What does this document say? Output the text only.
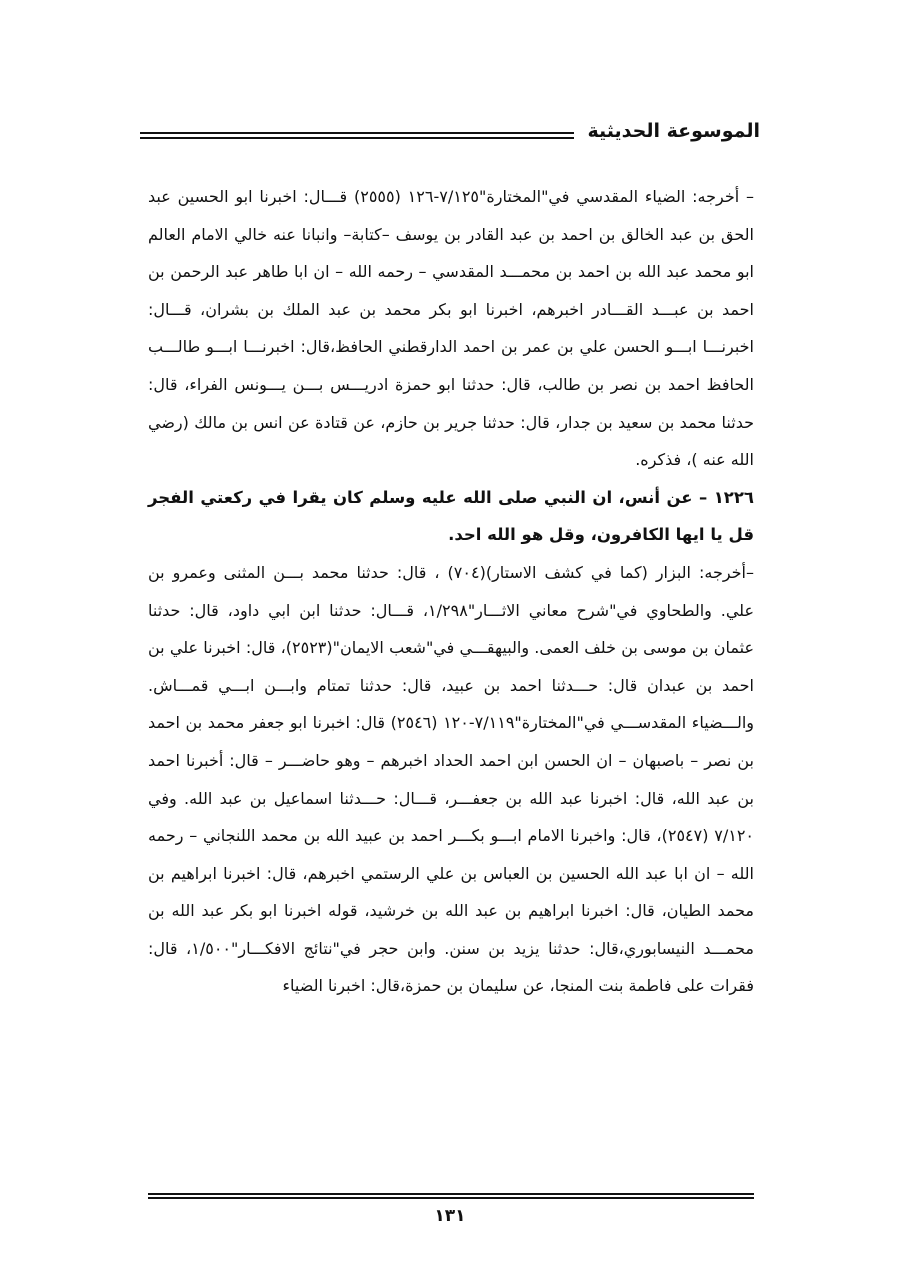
الموسوعة الحديثية

– أخرجه: الضياء المقدسي في"المختارة"٧/١٢٥-١٢٦ (٢٥٥٥) قـــال: اخبرنا ابو الحسين عبد الحق بن عبد الخالق بن احمد بن عبد القادر بن يوسف –كتابة– وانبانا عنه خالي الامام العالم ابو محمد عبد الله بن احمد بن محمـــد المقدسي – رحمه الله – ان ابا طاهر عبد الرحمن بن احمد بن عبـــد القـــادر اخبرهم، اخبرنا ابو بكر محمد بن عبد الملك بن بشران، قـــال: اخبرنـــا ابـــو الحسن علي بن عمر بن احمد الدارقطني الحافظ،قال: اخبرنـــا ابـــو طالـــب الحافظ احمد بن نصر بن طالب، قال: حدثنا ابو حمزة ادريـــس بـــن يـــونس الفراء، قال: حدثنا محمد بن سعيد بن جدار، قال: حدثنا جرير بن حازم، عن قتادة عن انس بن مالك (رضي الله عنه )، فذكره.

١٢٢٦ – عن أنس، ان النبي صلى الله عليه وسلم كان يقرا في ركعتي الفجر قل يا ايها الكافرون، وقل هو الله احد.

–أخرجه: البزار (كما في كشف الاستار)(٧٠٤) ، قال: حدثنا محمد بـــن المثنى وعمرو بن علي. والطحاوي في"شرح معاني الاثـــار"١/٢٩٨، قـــال: حدثنا ابن ابي داود، قال: حدثنا عثمان بن موسى بن خلف العمى. والبيهقـــي في"شعب الايمان"(٢٥٢٣)، قال: اخبرنا علي بن احمد بن عبدان قال: حـــدثنا احمد بن عبيد، قال: حدثنا تمتام وابـــن ابـــي قمـــاش. والـــضياء المقدســـي في"المختارة"٧/١١٩-١٢٠ (٢٥٤٦) قال: اخبرنا ابو جعفر محمد بن احمد بن نصر – باصبهان – ان الحسن ابن احمد الحداد اخبرهم – وهو حاضـــر – قال: أخبرنا احمد بن عبد الله، قال: اخبرنا عبد الله بن جعفـــر، قـــال: حـــدثنا اسماعيل بن عبد الله. وفي ٧/١٢٠ (٢٥٤٧)، قال: واخبرنا الامام ابـــو بكـــر احمد بن عبيد الله بن محمد اللنجاني – رحمه الله – ان ابا عبد الله الحسين بن العباس بن علي الرستمي اخبرهم، قال: اخبرنا ابراهيم بن محمد الطيان، قال: اخبرنا ابراهيم بن عبد الله بن خرشيد، قوله اخبرنا ابو بكر عبد الله بن محمـــد النيسابوري،قال: حدثنا يزيد بن سنن. وابن حجر في"نتائج الافكـــار"١/٥٠٠، قال: فقرات على فاطمة بنت المنجا، عن سليمان بن حمزة،قال: اخبرنا الضياء

١٣١
